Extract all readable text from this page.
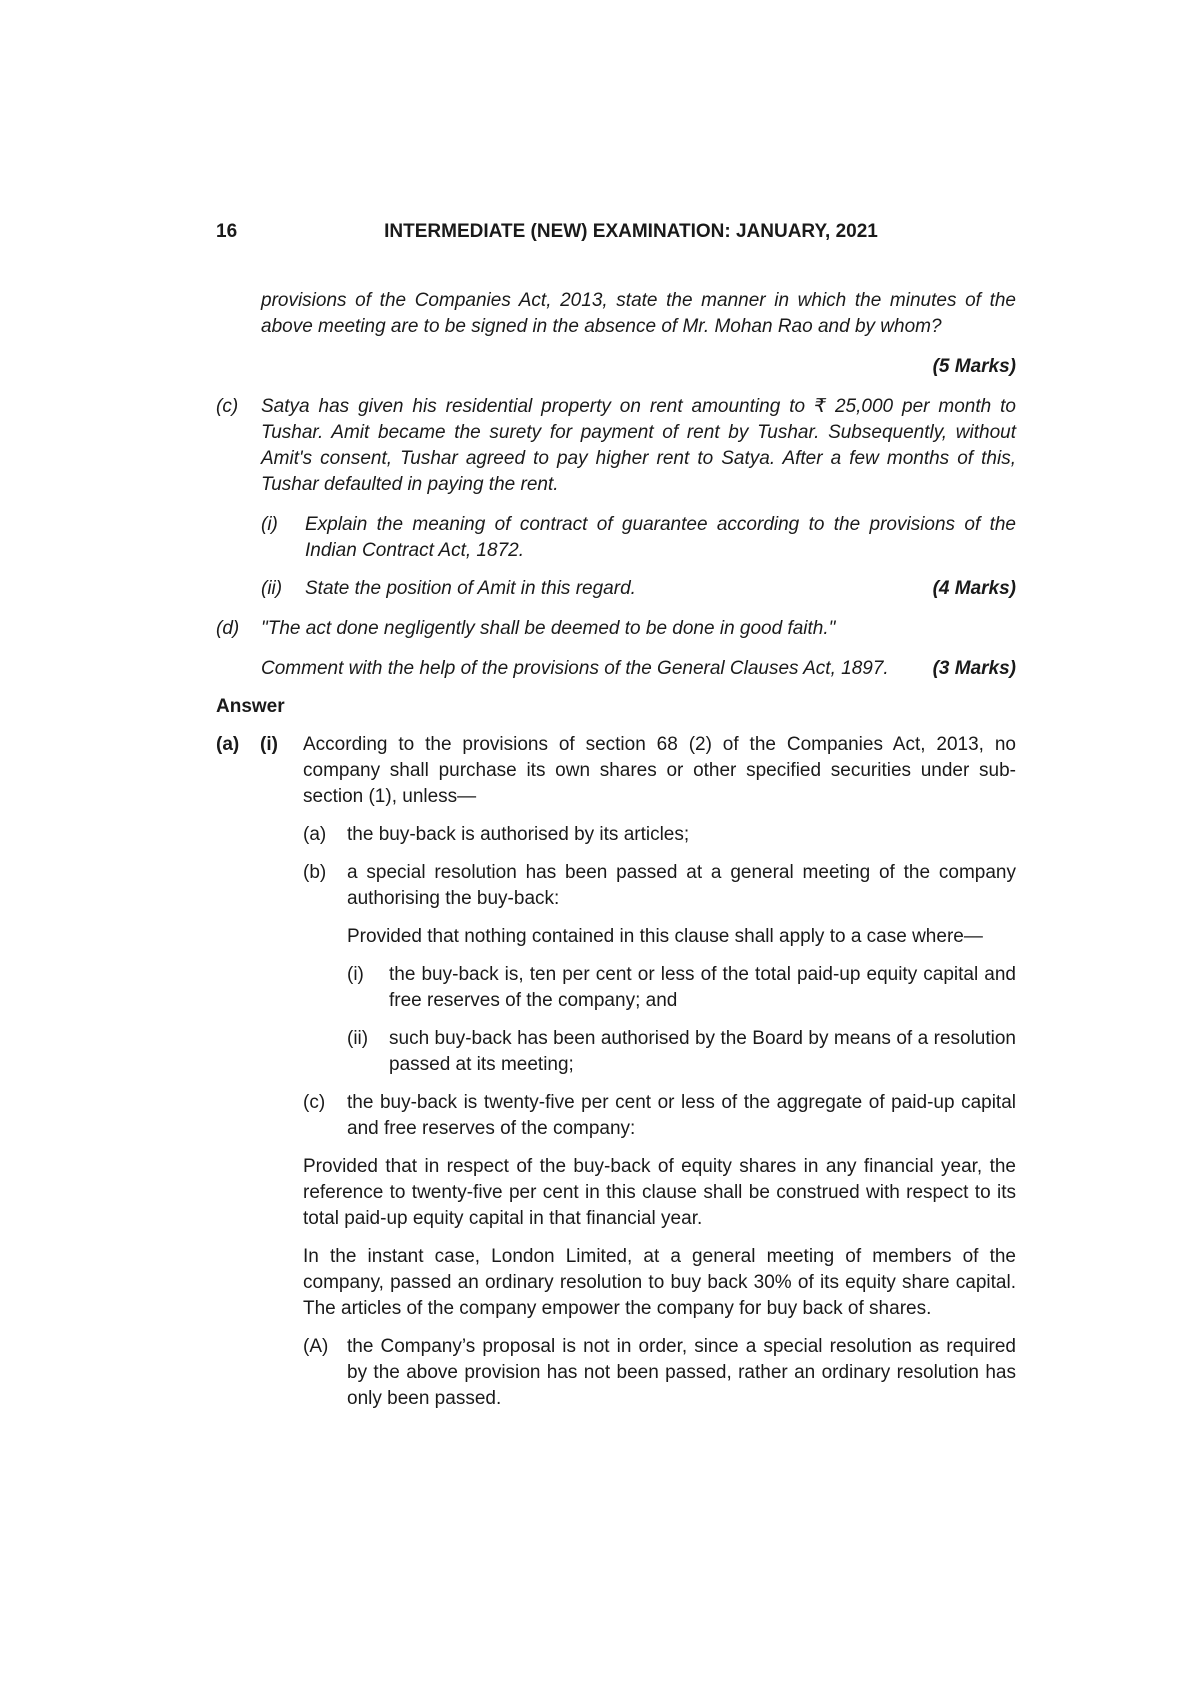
16	INTERMEDIATE (NEW) EXAMINATION: JANUARY, 2021
provisions of the Companies Act, 2013, state the manner in which the minutes of the above meeting are to be signed in the absence of Mr. Mohan Rao and by whom?
(5 Marks)
(c)	Satya has given his residential property on rent amounting to ₹ 25,000 per month to Tushar. Amit became the surety for payment of rent by Tushar. Subsequently, without Amit's consent, Tushar agreed to pay higher rent to Satya. After a few months of this, Tushar defaulted in paying the rent.
(i)	Explain the meaning of contract of guarantee according to the provisions of the Indian Contract Act, 1872.
(ii)	State the position of Amit in this regard.	(4 Marks)
(d)	"The act done negligently shall be deemed to be done in good faith."
Comment with the help of the provisions of the General Clauses Act, 1897.	(3 Marks)
Answer
(a)	(i)	According to the provisions of section 68 (2) of the Companies Act, 2013, no company shall purchase its own shares or other specified securities under sub-section (1), unless—
(a)	the buy-back is authorised by its articles;
(b)	a special resolution has been passed at a general meeting of the company authorising the buy-back:
Provided that nothing contained in this clause shall apply to a case where—
(i)	the buy-back is, ten per cent or less of the total paid-up equity capital and free reserves of the company; and
(ii)	such buy-back has been authorised by the Board by means of a resolution passed at its meeting;
(c)	the buy-back is twenty-five per cent or less of the aggregate of paid-up capital and free reserves of the company:
Provided that in respect of the buy-back of equity shares in any financial year, the reference to twenty-five per cent in this clause shall be construed with respect to its total paid-up equity capital in that financial year.
In the instant case, London Limited, at a general meeting of members of the company, passed an ordinary resolution to buy back 30% of its equity share capital. The articles of the company empower the company for buy back of shares.
(A) the Company’s proposal is not in order, since a special resolution as required by the above provision has not been passed, rather an ordinary resolution has only been passed.
